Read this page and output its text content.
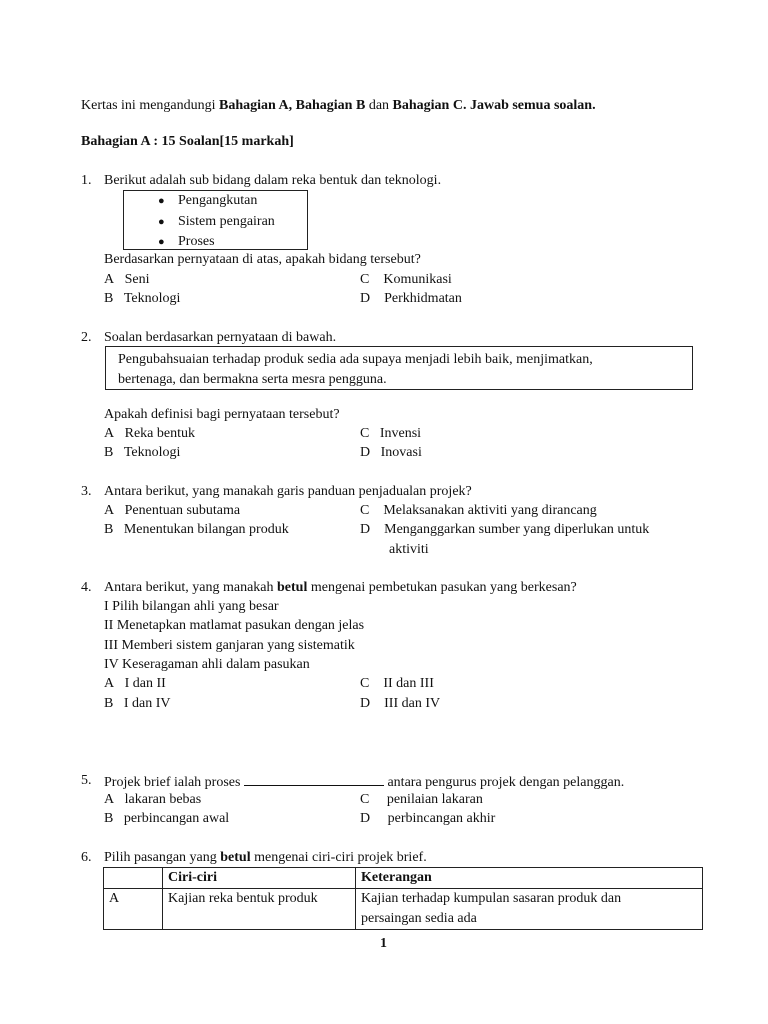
Kertas ini mengandungi Bahagian A, Bahagian B dan Bahagian C. Jawab semua soalan.
Bahagian A : 15 Soalan[15 markah]
1. Berikut adalah sub bidang dalam reka bentuk dan teknologi.
● Pengangkutan
● Sistem pengairan
● Proses
Berdasarkan pernyataan di atas, apakah bidang tersebut?
A Seni
B Teknologi
C Komunikasi
D Perkhidmatan
2. Soalan berdasarkan pernyataan di bawah.
Pengubahsuaian terhadap produk sedia ada supaya menjadi lebih baik, menjimatkan,
bertenaga, dan bermakna serta mesra pengguna.
Apakah definisi bagi pernyataan tersebut?
A Reka bentuk
B Teknologi
C Invensi
D Inovasi
3. Antara berikut, yang manakah garis panduan penjadualan projek?
A Penentuan subutama
B Menentukan bilangan produk
C Melaksanakan aktiviti yang dirancang
D Menganggarkan sumber yang diperlukan untuk
aktiviti
4. Antara berikut, yang manakah betul mengenai pembetukan pasukan yang berkesan?
I Pilih bilangan ahli yang besar
II Menetapkan matlamat pasukan dengan jelas
III Memberi sistem ganjaran yang sistematik
IV Keseragaman ahli dalam pasukan
A I dan II
B I dan IV
C II dan III
D III dan IV
5. Projek brief ialah proses	antara pengurus projek dengan pelanggan.
A lakaran bebas
B perbincangan awal
C penilaian lakaran
D perbincangan akhir
6. Pilih pasangan yang betul mengenai ciri-ciri projek brief.
	Ciri-ciri	Keterangan
A	Kajian reka bentuk produk	Kajian terhadap kumpulan sasaran produk dan
persaingan sedia ada
1
